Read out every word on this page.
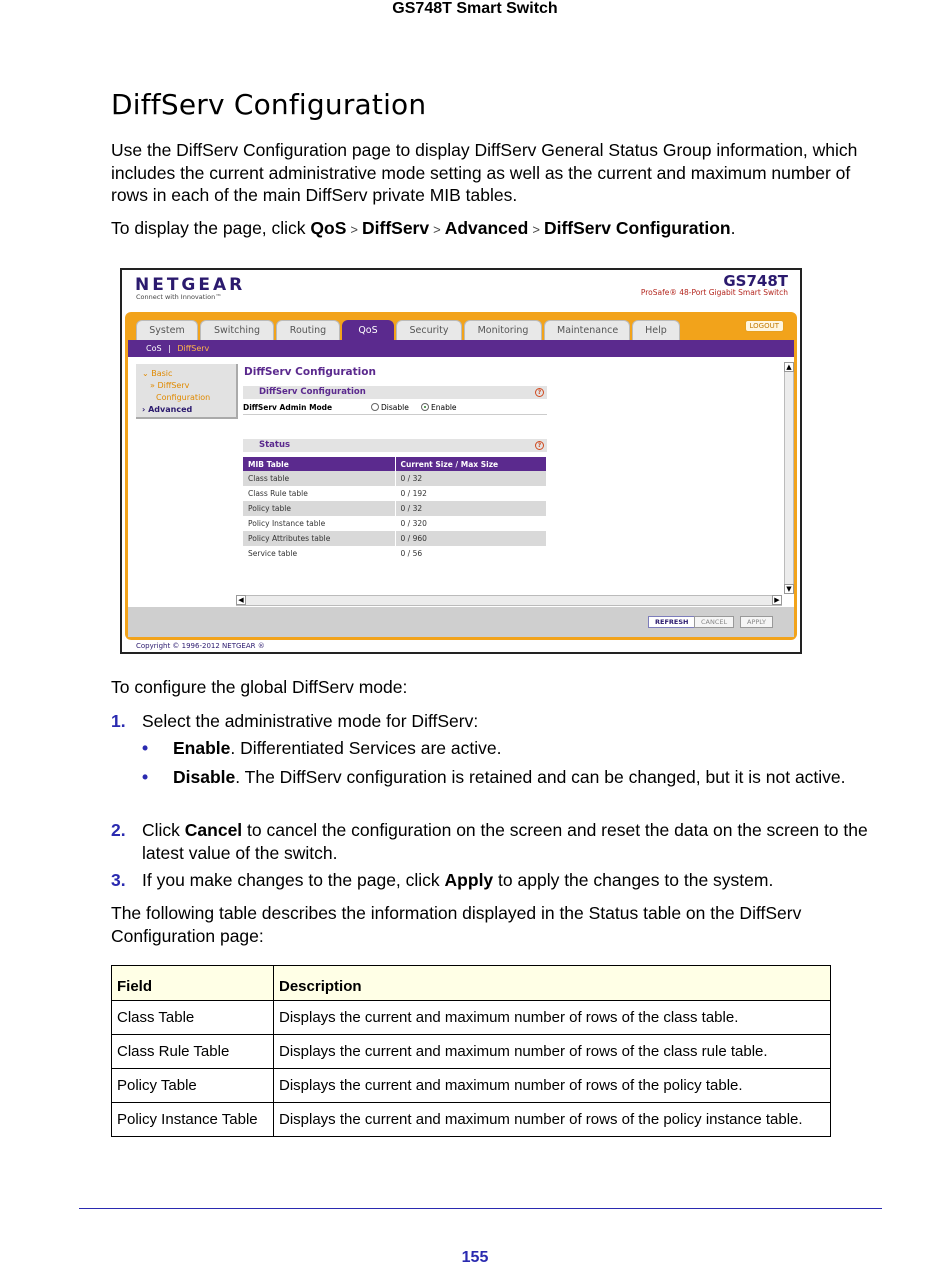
GS748T Smart Switch
DiffServ Configuration
Use the DiffServ Configuration page to display DiffServ General Status Group information, which includes the current administrative mode setting as well as the current and maximum number of rows in each of the main DiffServ private MIB tables.
To display the page, click QoS > DiffServ > Advanced > DiffServ Configuration.
NETGEAR
Connect with Innovation™
GS748T
ProSafe® 48-Port Gigabit Smart Switch
System	Switching	Routing	QoS	Security	Monitoring	Maintenance	Help	LOGOUT
CoS | DiffServ
⌄ Basic
» DiffServ
Configuration
› Advanced
DiffServ Configuration
DiffServ Configuration	?
DiffServ Admin Mode	Disable	Enable
Status	?
MIB Table	Current Size / Max Size
Class table	0 / 32
Class Rule table	0 / 192
Policy table	0 / 32
Policy Instance table	0 / 320
Policy Attributes table	0 / 960
Service table	0 / 56
▲
▼
◀	▶
REFRESH	CANCEL	APPLY
Copyright © 1996-2012 NETGEAR ®
To configure the global DiffServ mode:
1. Select the administrative mode for DiffServ:
• Enable. Differentiated Services are active.
• Disable. The DiffServ configuration is retained and can be changed, but it is not active.
2. Click Cancel to cancel the configuration on the screen and reset the data on the screen to the latest value of the switch.
3. If you make changes to the page, click Apply to apply the changes to the system.
The following table describes the information displayed in the Status table on the DiffServ Configuration page:
Field	Description
Class Table	Displays the current and maximum number of rows of the class table.
Class Rule Table	Displays the current and maximum number of rows of the class rule table.
Policy Table	Displays the current and maximum number of rows of the policy table.
Policy Instance Table	Displays the current and maximum number of rows of the policy instance table.
155
